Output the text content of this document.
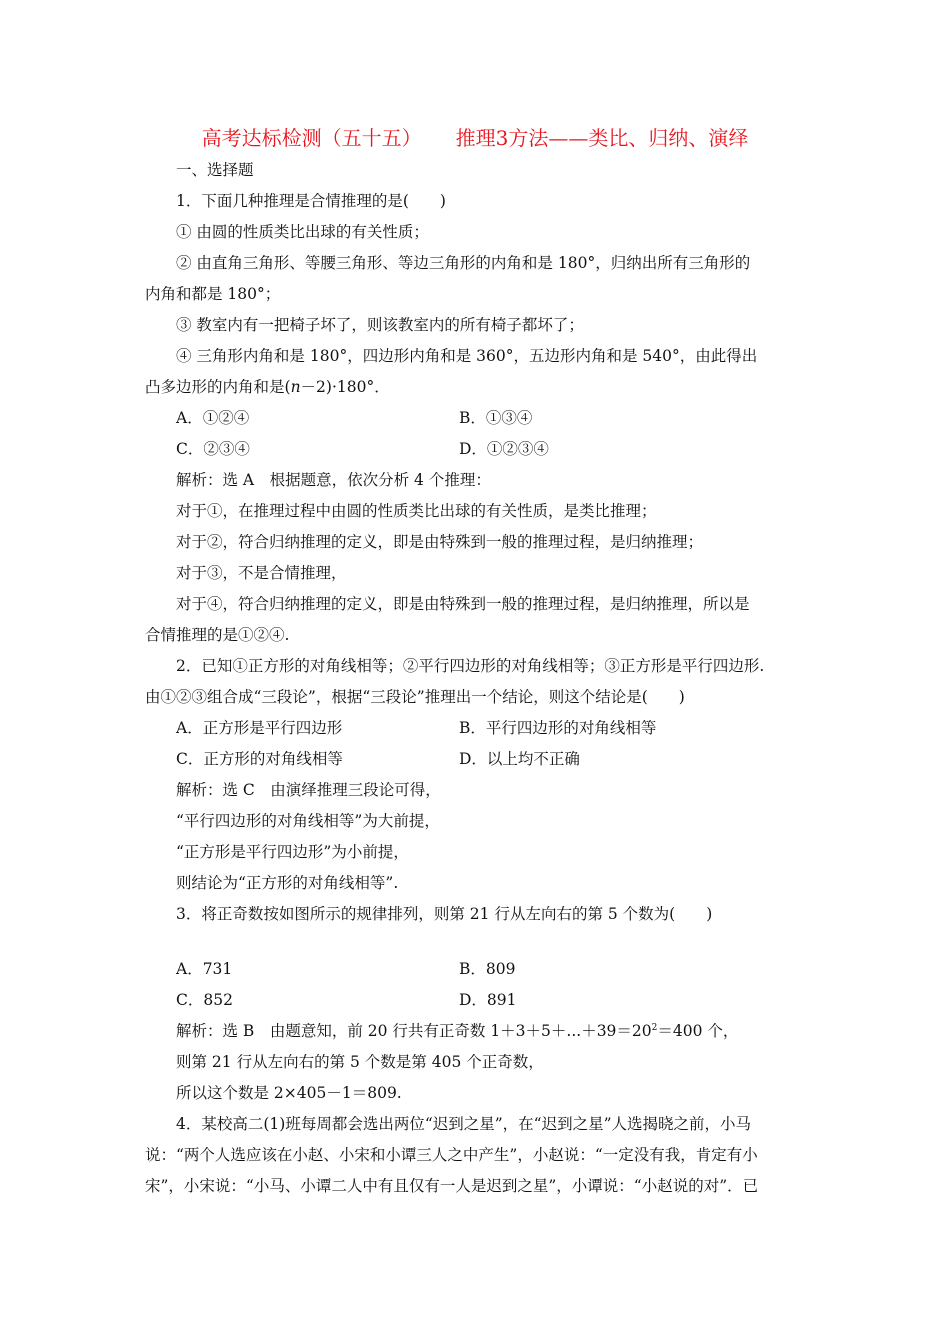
高考达标检测（五十五） 推理3方法——类比、归纳、演绎
一、选择题
1．下面几种推理是合情推理的是(　　)
① 由圆的性质类比出球的有关性质；
② 由直角三角形、等腰三角形、等边三角形的内角和是 180°，归纳出所有三角形的
内角和都是 180°；
③ 教室内有一把椅子坏了，则该教室内的所有椅子都坏了；
④ 三角形内角和是 180°，四边形内角和是 360°，五边形内角和是 540°，由此得出
凸多边形的内角和是(n－2)·180°．
A．①②④	B．①③④
C．②③④	D．①②③④
解析：选 A　根据题意，依次分析 4 个推理：
对于①，在推理过程中由圆的性质类比出球的有关性质，是类比推理；
对于②，符合归纳推理的定义，即是由特殊到一般的推理过程，是归纳推理；
对于③，不是合情推理，
对于④，符合归纳推理的定义，即是由特殊到一般的推理过程，是归纳推理，所以是
合情推理的是①②④.
2．已知①正方形的对角线相等；②平行四边形的对角线相等；③正方形是平行四边形.
由①②③组合成“三段论”，根据“三段论”推理出一个结论，则这个结论是(　　)
A．正方形是平行四边形	B．平行四边形的对角线相等
C．正方形的对角线相等	D．以上均不正确
解析：选 C　由演绎推理三段论可得，
“平行四边形的对角线相等”为大前提，
“正方形是平行四边形”为小前提，
则结论为“正方形的对角线相等”.
3．将正奇数按如图所示的规律排列，则第 21 行从左向右的第 5 个数为(　　)
A．731	B．809
C．852	D．891
解析：选 B　由题意知，前 20 行共有正奇数 $1+3+5+...+39=20^2=400$ 个，
则第 21 行从左向右的第 5 个数是第 405 个正奇数，
所以这个数是 2×405－1＝809.
4．某校高二(1)班每周都会选出两位“迟到之星”，在“迟到之星”人选揭晓之前，小马
说：“两个人选应该在小赵、小宋和小谭三人之中产生”，小赵说：“一定没有我，肯定有小
宋”，小宋说：“小马、小谭二人中有且仅有一人是迟到之星”，小谭说：“小赵说的对”．已
